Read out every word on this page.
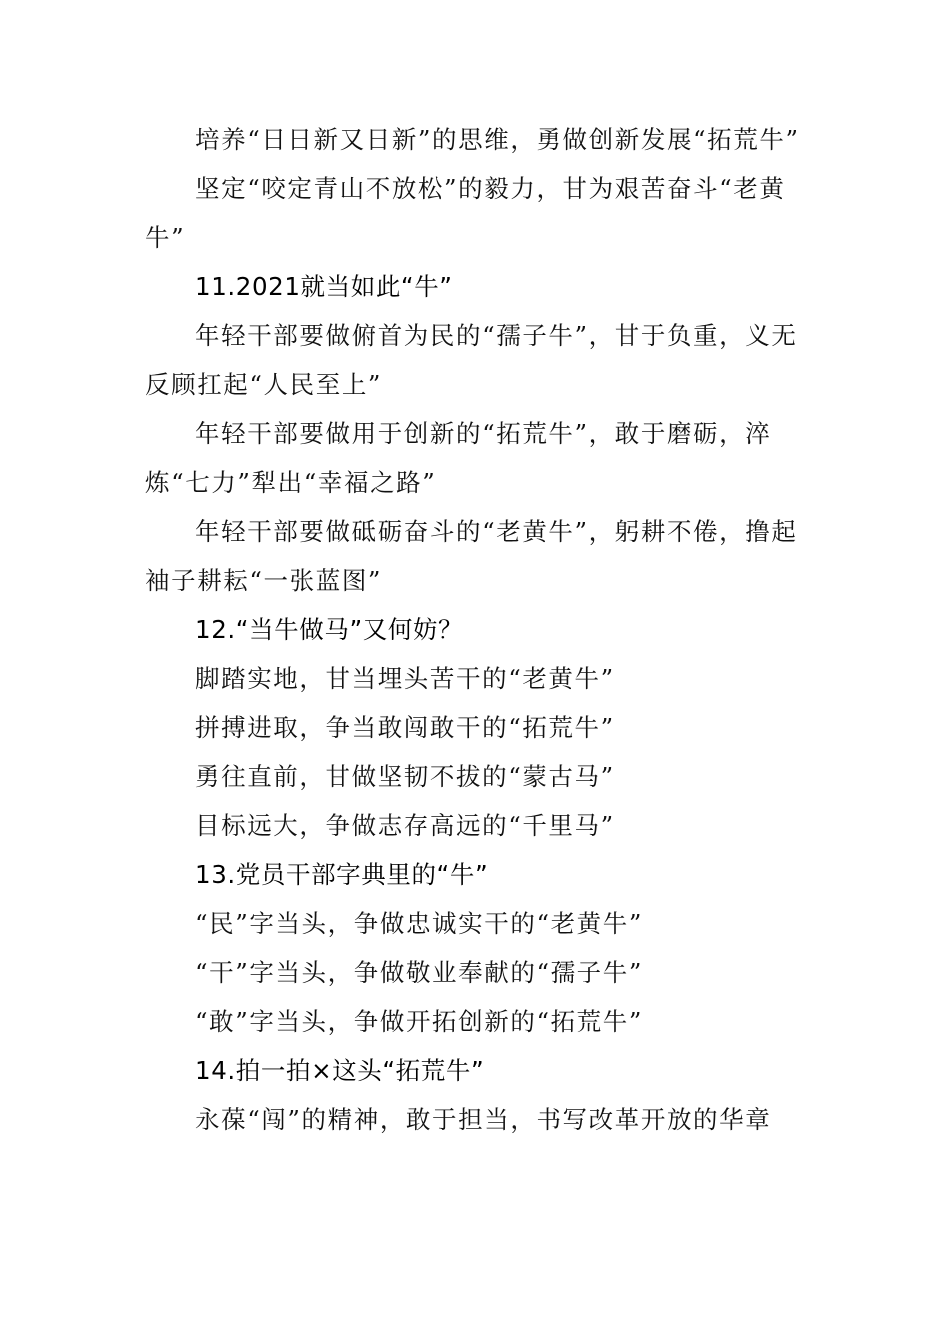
培养“日日新又日新”的思维，勇做创新发展“拓荒牛”

坚定“咬定青山不放松”的毅力，甘为艰苦奋斗“老黄牛”

11.2021就当如此“牛”

年轻干部要做俯首为民的“孺子牛”，甘于负重，义无反顾扛起“人民至上”

年轻干部要做用于创新的“拓荒牛”，敢于磨砺，淬炼“七力”犁出“幸福之路”

年轻干部要做砥砺奋斗的“老黄牛”，躬耕不倦，撸起袖子耕耘“一张蓝图”

12.“当牛做马”又何妨？

脚踏实地，甘当埋头苦干的“老黄牛”

拼搏进取，争当敢闯敢干的“拓荒牛”

勇往直前，甘做坚韧不拔的“蒙古马”

目标远大，争做志存高远的“千里马”

13.党员干部字典里的“牛”

“民”字当头，争做忠诚实干的“老黄牛”

“干”字当头，争做敬业奉献的“孺子牛”

“敢”字当头，争做开拓创新的“拓荒牛”

14.拍一拍×这头“拓荒牛”

永葆“闯”的精神，敢于担当，书写改革开放的华章
